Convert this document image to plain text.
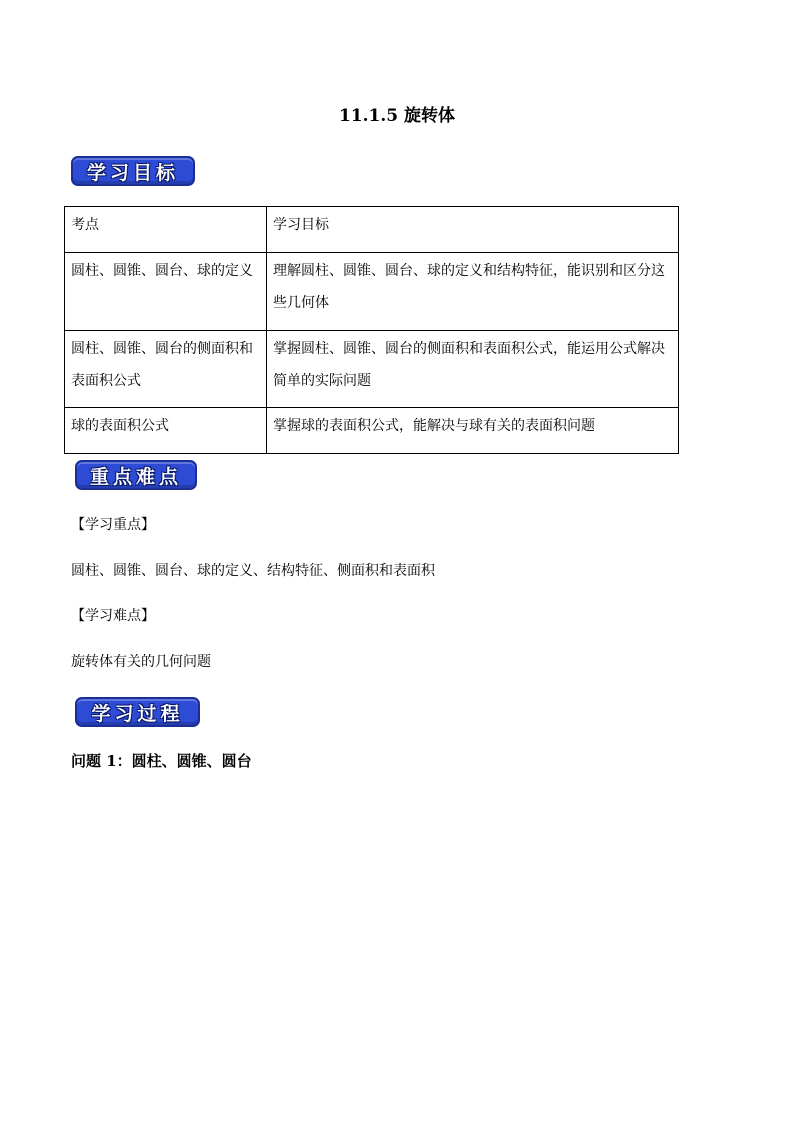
11.1.5 旋转体
学习目标
考点	学习目标
圆柱、圆锥、圆台、球的定义	理解圆柱、圆锥、圆台、球的定义和结构特征，能识别和区分这些几何体
圆柱、圆锥、圆台的侧面积和表面积公式	掌握圆柱、圆锥、圆台的侧面积和表面积公式，能运用公式解决简单的实际问题
球的表面积公式	掌握球的表面积公式，能解决与球有关的表面积问题
重点难点
【学习重点】
圆柱、圆锥、圆台、球的定义、结构特征、侧面积和表面积
【学习难点】
旋转体有关的几何问题
学习过程
问题 1：圆柱、圆锥、圆台
